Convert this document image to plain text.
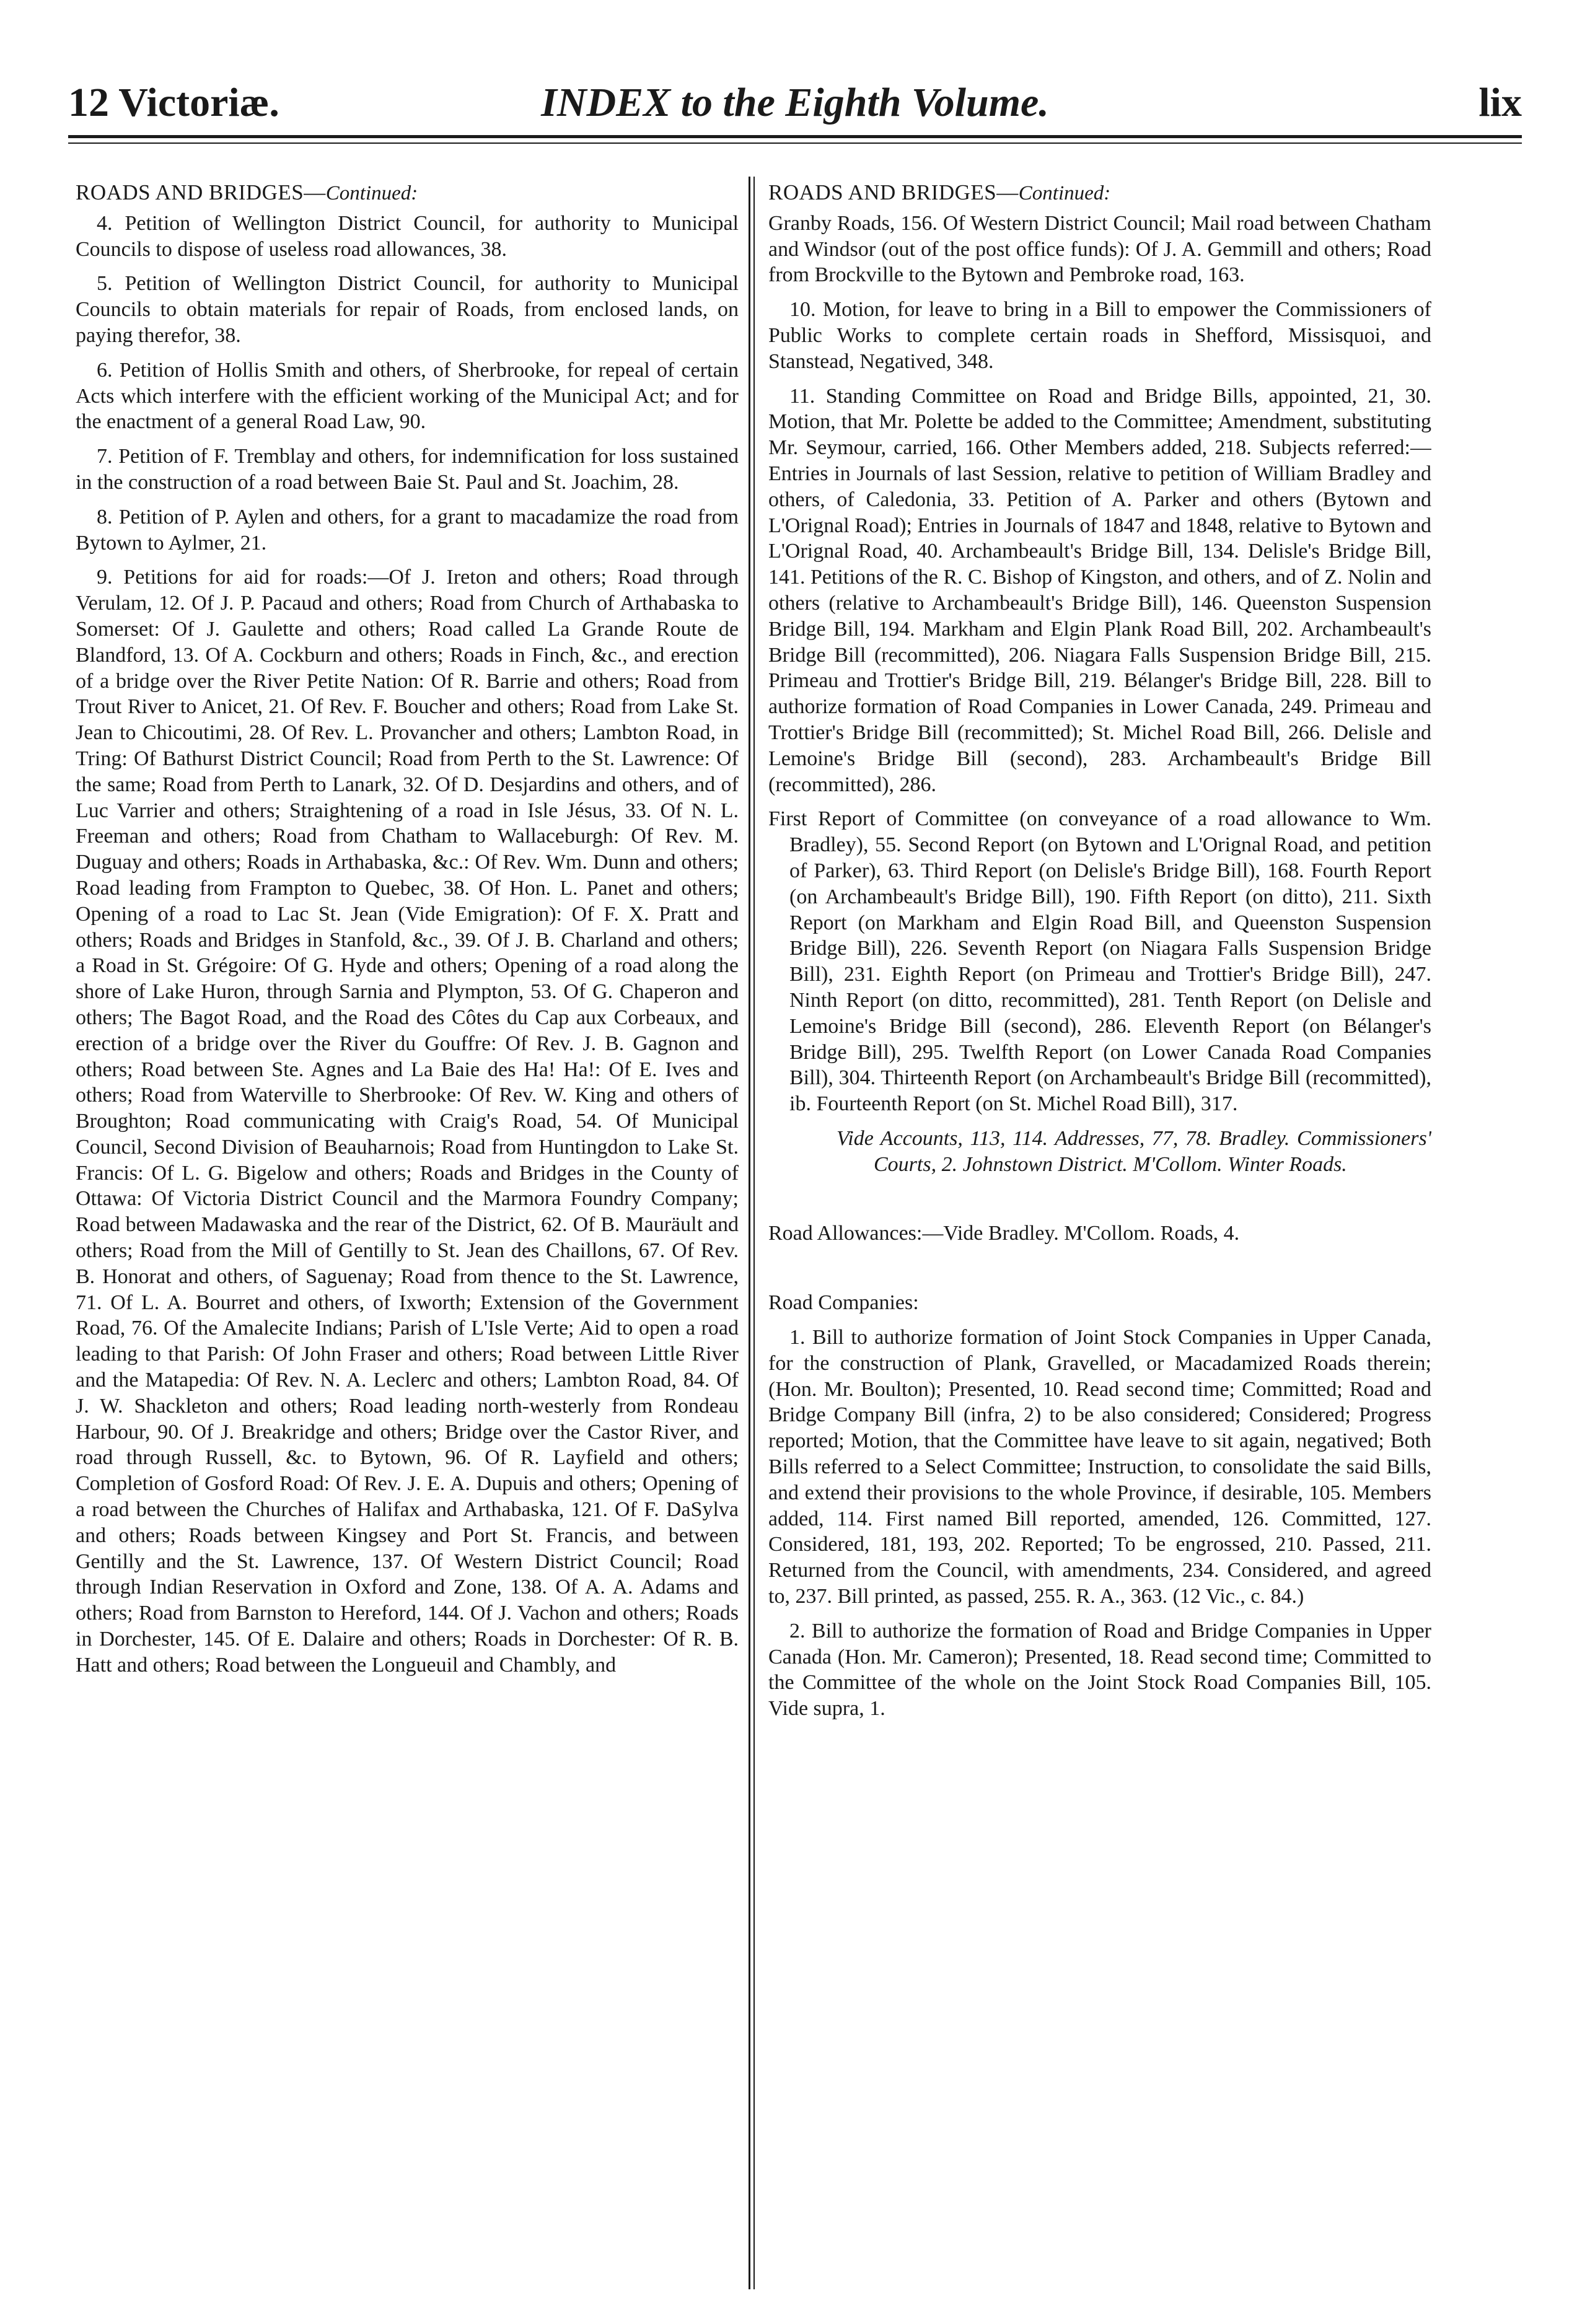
12 Victoriæ.	INDEX to the Eighth Volume.	lix
ROADS AND BRIDGES—Continued:

4. Petition of Wellington District Council, for authority to Municipal Councils to dispose of useless road allowances, 38.

5. Petition of Wellington District Council, for authority to Municipal Councils to obtain materials for repair of Roads, from enclosed lands, on paying therefor, 38.

6. Petition of Hollis Smith and others, of Sherbrooke, for repeal of certain Acts which interfere with the efficient working of the Municipal Act; and for the enactment of a general Road Law, 90.

7. Petition of F. Tremblay and others, for indemnification for loss sustained in the construction of a road between Baie St. Paul and St. Joachim, 28.

8. Petition of P. Aylen and others, for a grant to macadamize the road from Bytown to Aylmer, 21.

9. Petitions for aid for roads:—Of J. Ireton and others; Road through Verulam, 12. Of J. P. Pacaud and others; Road from Church of Arthabaska to Somerset: Of J. Gaulette and others; Road called La Grande Route de Blandford, 13. Of A. Cockburn and others; Roads in Finch, &c., and erection of a bridge over the River Petite Nation: Of R. Barrie and others; Road from Trout River to Anicet, 21. Of Rev. F. Boucher and others; Road from Lake St. Jean to Chicoutimi, 28. Of Rev. L. Provancher and others; Lambton Road, in Tring: Of Bathurst District Council; Road from Perth to the St. Lawrence: Of the same; Road from Perth to Lanark, 32. Of D. Desjardins and others, and of Luc Varrier and others; Straightening of a road in Isle Jésus, 33. Of N. L. Freeman and others; Road from Chatham to Wallaceburgh: Of Rev. M. Duguay and others; Roads in Arthabaska, &c.: Of Rev. Wm. Dunn and others; Road leading from Frampton to Quebec, 38. Of Hon. L. Panet and others; Opening of a road to Lac St. Jean (Vide Emigration): Of F. X. Pratt and others; Roads and Bridges in Stanfold, &c., 39. Of J. B. Charland and others; a Road in St. Grégoire: Of G. Hyde and others; Opening of a road along the shore of Lake Huron, through Sarnia and Plympton, 53. Of G. Chaperon and others; The Bagot Road, and the Road des Côtes du Cap aux Corbeaux, and erection of a bridge over the River du Gouffre: Of Rev. J. B. Gagnon and others; Road between Ste. Agnes and La Baie des Ha! Ha!: Of E. Ives and others; Road from Waterville to Sherbrooke: Of Rev. W. King and others of Broughton; Road communicating with Craig's Road, 54. Of Municipal Council, Second Division of Beauharnois; Road from Huntingdon to Lake St. Francis: Of L. G. Bigelow and others; Roads and Bridges in the County of Ottawa: Of Victoria District Council and the Marmora Foundry Company; Road between Madawaska and the rear of the District, 62. Of B. Mauräult and others; Road from the Mill of Gentilly to St. Jean des Chaillons, 67. Of Rev. B. Honorat and others, of Saguenay; Road from thence to the St. Lawrence, 71. Of L. A. Bourret and others, of Ixworth; Extension of the Government Road, 76. Of the Amalecite Indians; Parish of L'Isle Verte; Aid to open a road leading to that Parish: Of John Fraser and others; Road between Little River and the Matapedia: Of Rev. N. A. Leclerc and others; Lambton Road, 84. Of J. W. Shackleton and others; Road leading north-westerly from Rondeau Harbour, 90. Of J. Breakridge and others; Bridge over the Castor River, and road through Russell, &c. to Bytown, 96. Of R. Layfield and others; Completion of Gosford Road: Of Rev. J. E. A. Dupuis and others; Opening of a road between the Churches of Halifax and Arthabaska, 121. Of F. DaSylva and others; Roads between Kingsey and Port St. Francis, and between Gentilly and the St. Lawrence, 137. Of Western District Council; Road through Indian Reservation in Oxford and Zone, 138. Of A. A. Adams and others; Road from Barnston to Hereford, 144. Of J. Vachon and others; Roads in Dorchester, 145. Of E. Dalaire and others; Roads in Dorchester: Of R. B. Hatt and others; Road between the Longueuil and Chambly, and

ROADS AND BRIDGES—Continued:

Granby Roads, 156. Of Western District Council; Mail road between Chatham and Windsor (out of the post office funds): Of J. A. Gemmill and others; Road from Brockville to the Bytown and Pembroke road, 163.

10. Motion, for leave to bring in a Bill to empower the Commissioners of Public Works to complete certain roads in Shefford, Missisquoi, and Stanstead, Negatived, 348.

11. Standing Committee on Road and Bridge Bills, appointed, 21, 30. Motion, that Mr. Polette be added to the Committee; Amendment, substituting Mr. Seymour, carried, 166. Other Members added, 218. Subjects referred:—Entries in Journals of last Session, relative to petition of William Bradley and others, of Caledonia, 33. Petition of A. Parker and others (Bytown and L'Orignal Road); Entries in Journals of 1847 and 1848, relative to Bytown and L'Orignal Road, 40. Archambeault's Bridge Bill, 134. Delisle's Bridge Bill, 141. Petitions of the R. C. Bishop of Kingston, and others, and of Z. Nolin and others (relative to Archambeault's Bridge Bill), 146. Queenston Suspension Bridge Bill, 194. Markham and Elgin Plank Road Bill, 202. Archambeault's Bridge Bill (recommitted), 206. Niagara Falls Suspension Bridge Bill, 215. Primeau and Trottier's Bridge Bill, 219. Bélanger's Bridge Bill, 228. Bill to authorize formation of Road Companies in Lower Canada, 249. Primeau and Trottier's Bridge Bill (recommitted); St. Michel Road Bill, 266. Delisle and Lemoine's Bridge Bill (second), 283. Archambeault's Bridge Bill (recommitted), 286.

First Report of Committee (on conveyance of a road allowance to Wm. Bradley), 55. Second Report (on Bytown and L'Orignal Road, and petition of Parker), 63. Third Report (on Delisle's Bridge Bill), 168. Fourth Report (on Archambeault's Bridge Bill), 190. Fifth Report (on ditto), 211. Sixth Report (on Markham and Elgin Road Bill, and Queenston Suspension Bridge Bill), 226. Seventh Report (on Niagara Falls Suspension Bridge Bill), 231. Eighth Report (on Primeau and Trottier's Bridge Bill), 247. Ninth Report (on ditto, recommitted), 281. Tenth Report (on Delisle and Lemoine's Bridge Bill (second), 286. Eleventh Report (on Bélanger's Bridge Bill), 295. Twelfth Report (on Lower Canada Road Companies Bill), 304. Thirteenth Report (on Archambeault's Bridge Bill (recommitted), ib. Fourteenth Report (on St. Michel Road Bill), 317.

Vide Accounts, 113, 114. Addresses, 77, 78. Bradley. Commissioners' Courts, 2. Johnstown District. M'Collom. Winter Roads.

Road Allowances:—Vide Bradley. M'Collom. Roads, 4.

Road Companies:

1. Bill to authorize formation of Joint Stock Companies in Upper Canada, for the construction of Plank, Gravelled, or Macadamized Roads therein; (Hon. Mr. Boulton); Presented, 10. Read second time; Committed; Road and Bridge Company Bill (infra, 2) to be also considered; Considered; Progress reported; Motion, that the Committee have leave to sit again, negatived; Both Bills referred to a Select Committee; Instruction, to consolidate the said Bills, and extend their provisions to the whole Province, if desirable, 105. Members added, 114. First named Bill reported, amended, 126. Committed, 127. Considered, 181, 193, 202. Reported; To be engrossed, 210. Passed, 211. Returned from the Council, with amendments, 234. Considered, and agreed to, 237. Bill printed, as passed, 255. R. A., 363. (12 Vic., c. 84.)

2. Bill to authorize the formation of Road and Bridge Companies in Upper Canada (Hon. Mr. Cameron); Presented, 18. Read second time; Committed to the Committee of the whole on the Joint Stock Road Companies Bill, 105. Vide supra, 1.
